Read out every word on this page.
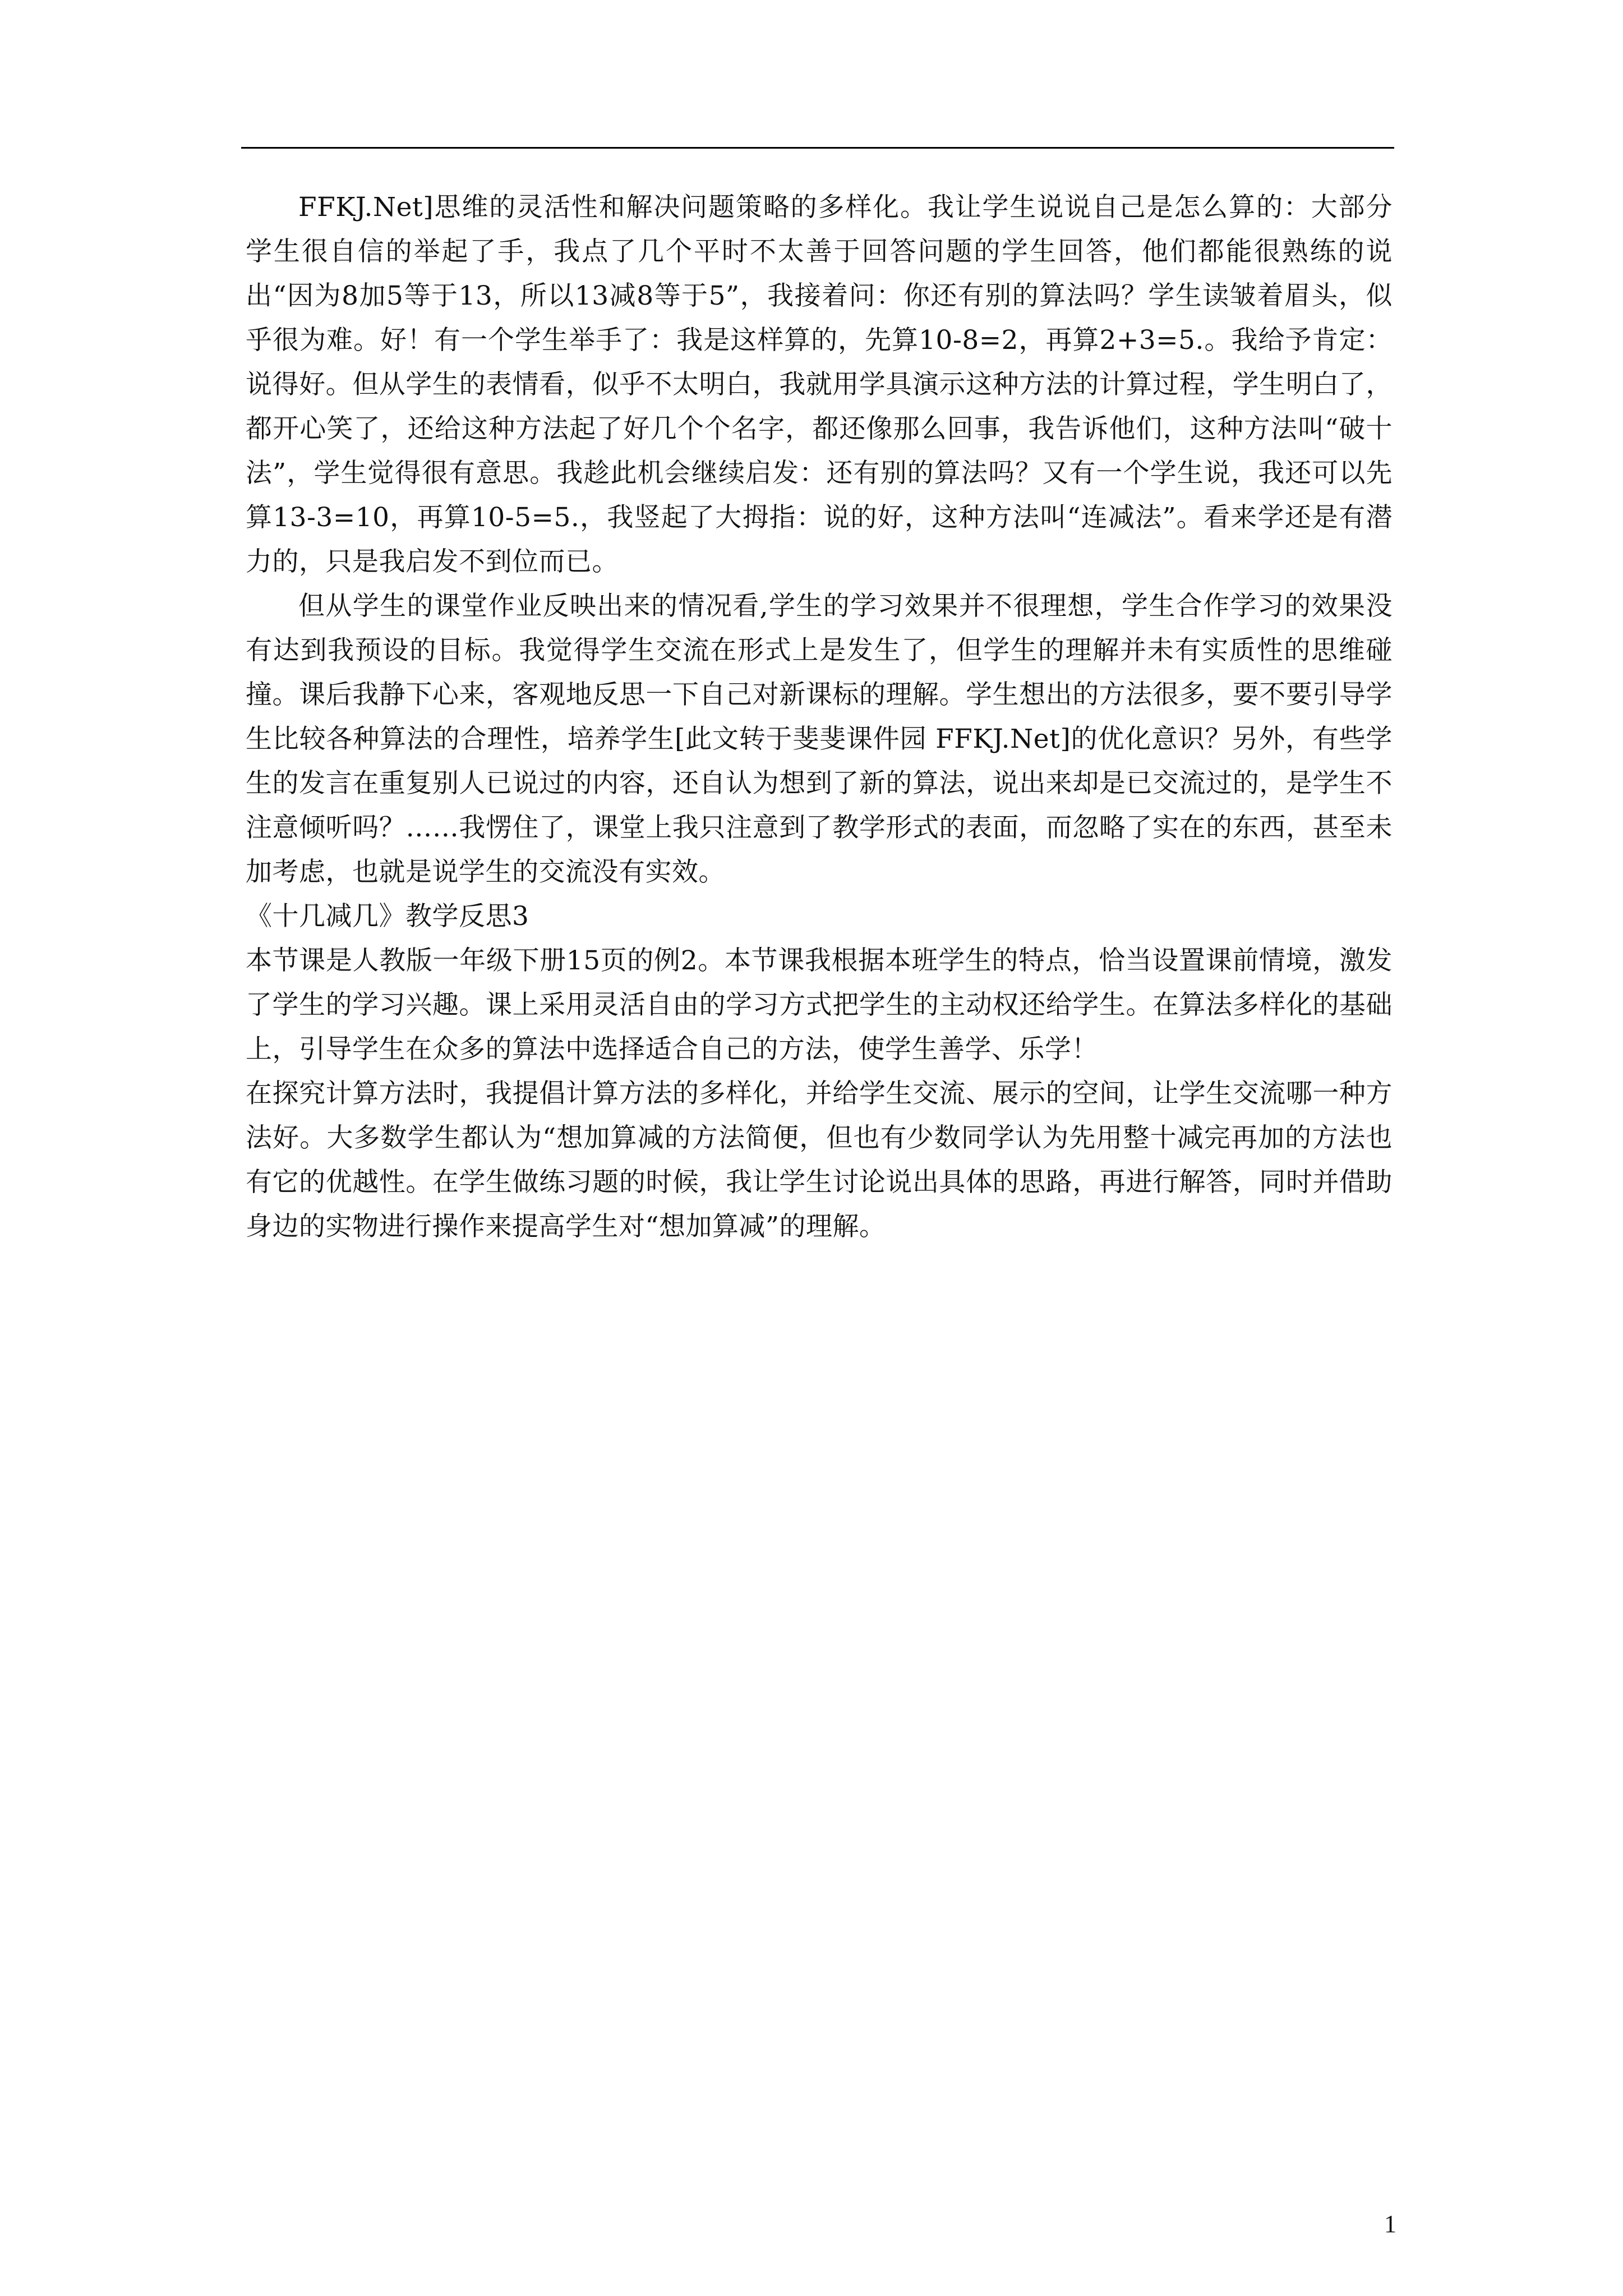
FFKJ.Net]思维的灵活性和解决问题策略的多样化。我让学生说说自己是怎么算的：大部分学生很自信的举起了手，我点了几个平时不太善于回答问题的学生回答，他们都能很熟练的说出“因为8加5等于13，所以13减8等于5”，我接着问：你还有别的算法吗？学生读皱着眉头，似乎很为难。好！有一个学生举手了：我是这样算的，先算10-8=2，再算2+3=5.。我给予肯定：说得好。但从学生的表情看，似乎不太明白，我就用学具演示这种方法的计算过程，学生明白了，都开心笑了，还给这种方法起了好几个个名字，都还像那么回事，我告诉他们，这种方法叫“破十法”，学生觉得很有意思。我趁此机会继续启发：还有别的算法吗？又有一个学生说，我还可以先算13-3=10，再算10-5=5.，我竖起了大拇指：说的好，这种方法叫“连减法”。看来学还是有潜力的，只是我启发不到位而已。

但从学生的课堂作业反映出来的情况看,学生的学习效果并不很理想，学生合作学习的效果没有达到我预设的目标。我觉得学生交流在形式上是发生了，但学生的理解并未有实质性的思维碰撞。课后我静下心来，客观地反思一下自己对新课标的理解。学生想出的方法很多，要不要引导学生比较各种算法的合理性，培养学生[此文转于斐斐课件园 FFKJ.Net]的优化意识？另外，有些学生的发言在重复别人已说过的内容，还自认为想到了新的算法，说出来却是已交流过的，是学生不注意倾听吗？……我愣住了，课堂上我只注意到了教学形式的表面，而忽略了实在的东西，甚至未加考虑，也就是说学生的交流没有实效。

《十几减几》教学反思3

本节课是人教版一年级下册15页的例2。本节课我根据本班学生的特点，恰当设置课前情境，激发了学生的学习兴趣。课上采用灵活自由的学习方式把学生的主动权还给学生。在算法多样化的基础上，引导学生在众多的算法中选择适合自己的方法，使学生善学、乐学！

在探究计算方法时，我提倡计算方法的多样化，并给学生交流、展示的空间，让学生交流哪一种方法好。大多数学生都认为“想加算减的方法简便，但也有少数同学认为先用整十减完再加的方法也有它的优越性。在学生做练习题的时候，我让学生讨论说出具体的思路，再进行解答，同时并借助身边的实物进行操作来提高学生对“想加算减”的理解。

1
